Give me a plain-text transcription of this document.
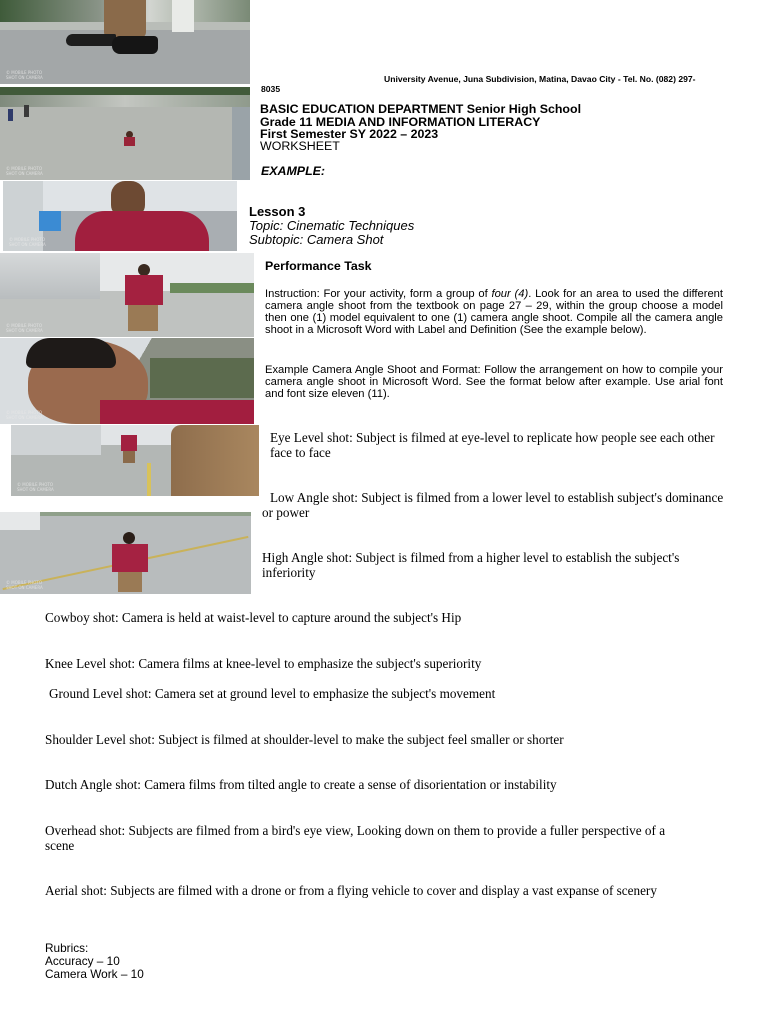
© MOBILE PHOTO
SHOT ON CAMERA
© MOBILE PHOTO
SHOT ON CAMERA
© MOBILE PHOTO
SHOT ON CAMERA
© MOBILE PHOTO
SHOT ON CAMERA
© MOBILE PHOTO
SHOT ON CAMERA
© MOBILE PHOTO
SHOT ON CAMERA
© MOBILE PHOTO
SHOT ON CAMERA
University Avenue, Juna Subdivision, Matina, Davao City - Tel. No. (082) 297-
8035
BASIC EDUCATION DEPARTMENT Senior High School
Grade 11 MEDIA AND INFORMATION LITERACY
First Semester SY 2022 – 2023
WORKSHEET
EXAMPLE:
Lesson 3
Topic: Cinematic Techniques
Subtopic: Camera Shot
Performance Task
Instruction: For your activity, form a group of four (4). Look for an area to used the different camera angle shoot from the textbook on page 27 – 29, within the group choose a model then one (1) model equivalent to one (1) camera angle shoot. Compile all the camera angle shoot in a Microsoft Word with Label and Definition (See the example below).
Example Camera Angle Shoot and Format: Follow the arrangement on how to compile your camera angle shoot in Microsoft Word. See the format below after example. Use arial font and font size eleven (11).
Eye Level shot: Subject is filmed at eye-level to replicate how people see each other face to face
Low Angle shot: Subject is filmed from a lower level to establish subject's dominance or power
High Angle shot: Subject is filmed from a higher level to establish the subject's inferiority
Cowboy shot: Camera is held at waist-level to capture around the subject's Hip
Knee Level shot: Camera films at knee-level to emphasize the subject's superiority
Ground Level shot: Camera set at ground level to emphasize the subject's movement
Shoulder Level shot: Subject is filmed at shoulder-level to make the subject feel smaller or shorter
Dutch Angle shot: Camera films from tilted angle to create a sense of disorientation or instability
Overhead shot: Subjects are filmed from a bird's eye view, Looking down on them to provide a fuller perspective of a scene
Aerial shot: Subjects are filmed with a drone or from a flying vehicle to cover and display a vast expanse of scenery
Rubrics:
Accuracy – 10
Camera Work – 10
